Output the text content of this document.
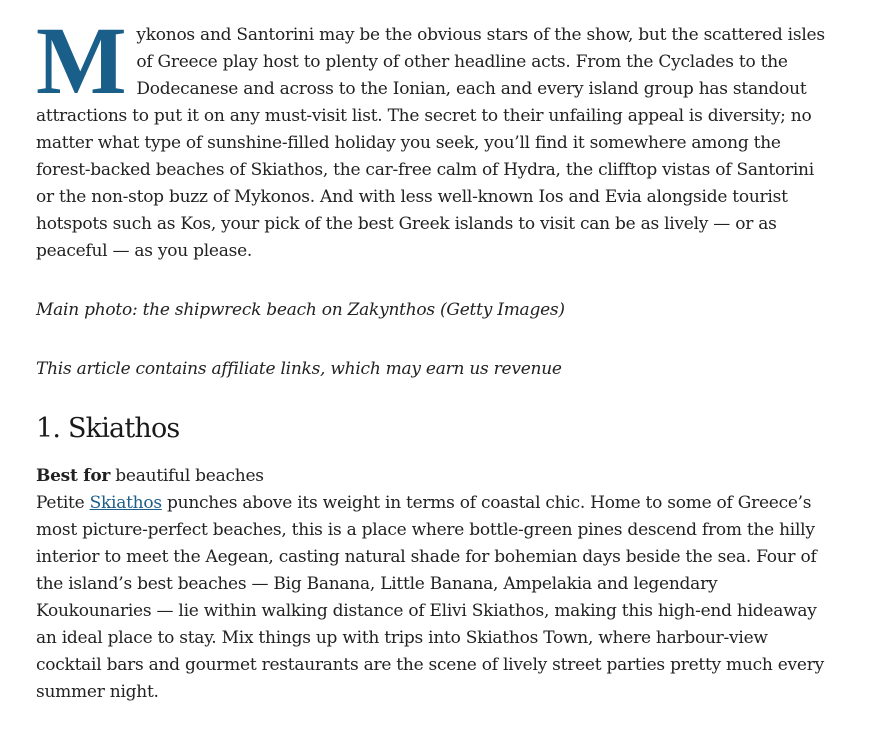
Mykonos and Santorini may be the obvious stars of the show, but the scattered isles of Greece play host to plenty of other headline acts. From the Cyclades to the Dodecanese and across to the Ionian, each and every island group has standout attractions to put it on any must-visit list. The secret to their unfailing appeal is diversity; no matter what type of sunshine-filled holiday you seek, you’ll find it somewhere among the forest-backed beaches of Skiathos, the car-free calm of Hydra, the clifftop vistas of Santorini or the non-stop buzz of Mykonos. And with less well-known Ios and Evia alongside tourist hotspots such as Kos, your pick of the best Greek islands to visit can be as lively — or as peaceful — as you please.

Main photo: the shipwreck beach on Zakynthos (Getty Images)

This article contains affiliate links, which may earn us revenue

1. Skiathos

Best for beautiful beaches

Petite Skiathos punches above its weight in terms of coastal chic. Home to some of Greece’s most picture-perfect beaches, this is a place where bottle-green pines descend from the hilly interior to meet the Aegean, casting natural shade for bohemian days beside the sea. Four of the island’s best beaches — Big Banana, Little Banana, Ampelakia and legendary Koukounaries — lie within walking distance of Elivi Skiathos, making this high-end hideaway an ideal place to stay. Mix things up with trips into Skiathos Town, where harbour-view cocktail bars and gourmet restaurants are the scene of lively street parties pretty much every summer night.
